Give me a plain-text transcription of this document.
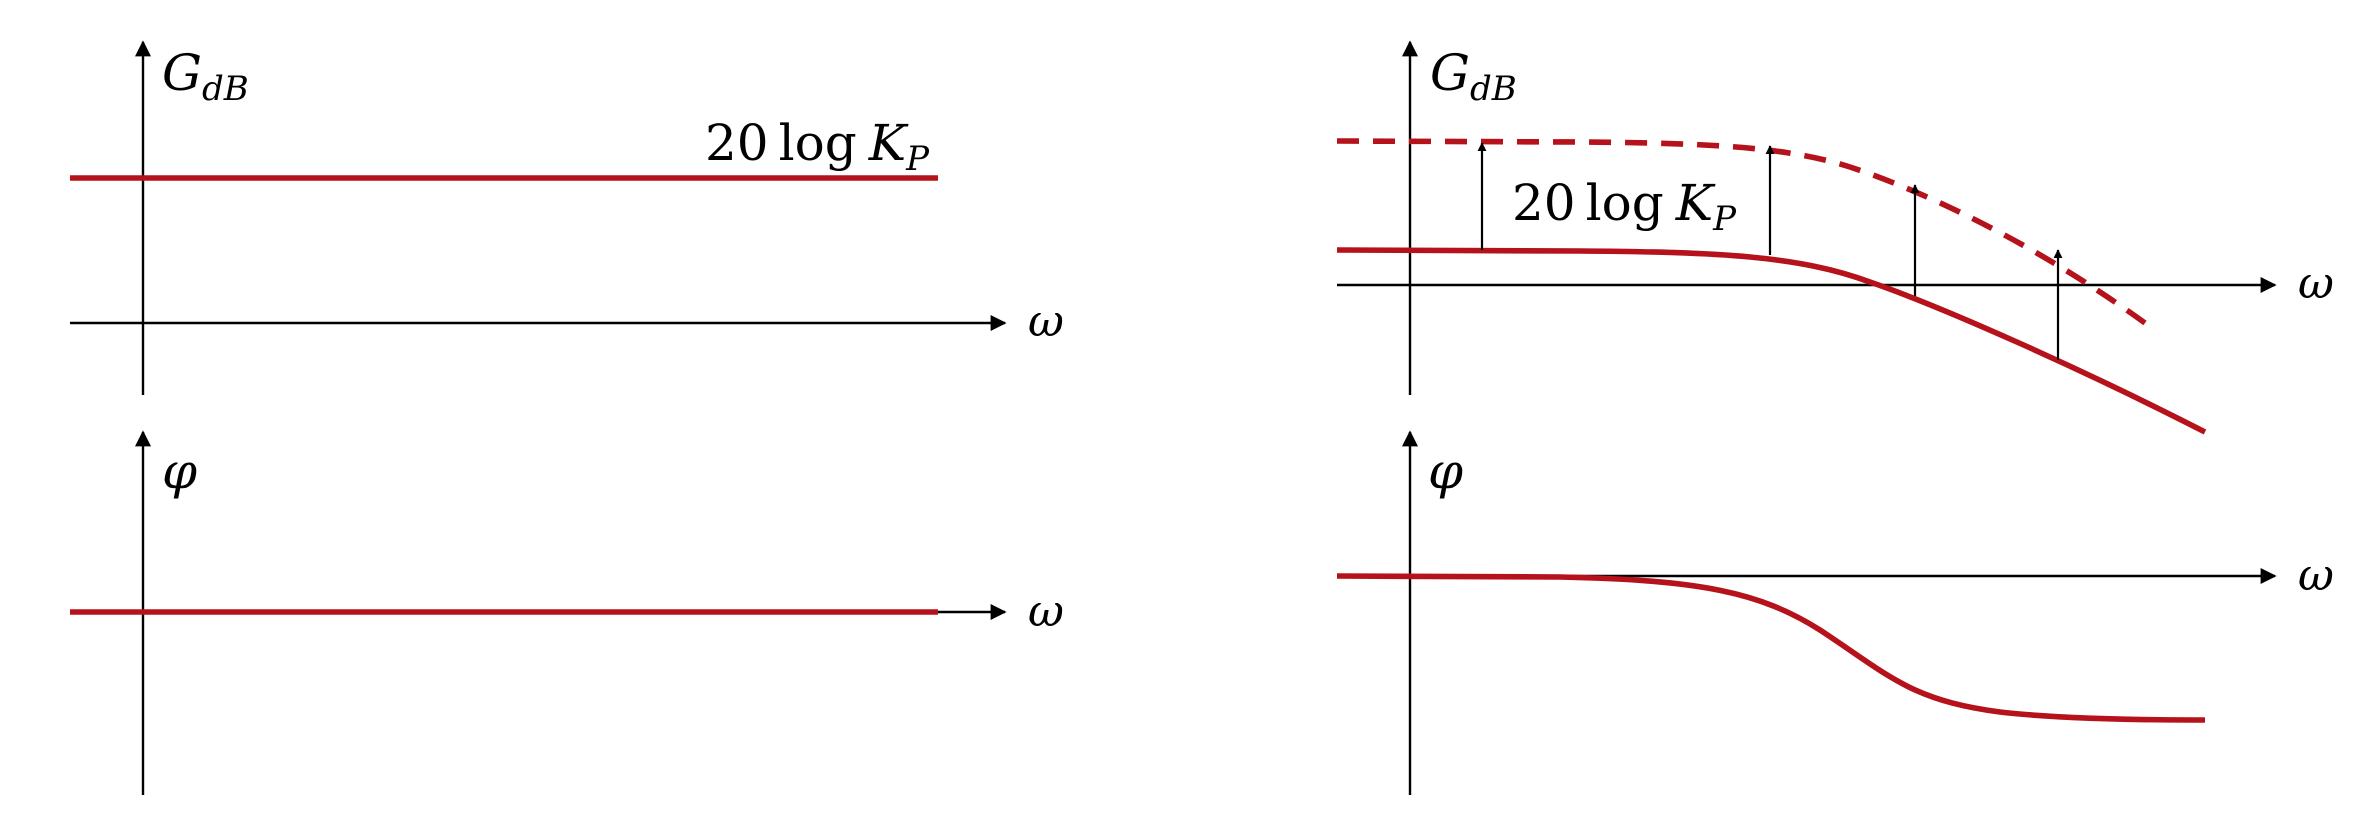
$G_{dB}$
ω
20 $\log K_P$
φ
ω
$G_{dB}$
ω
20 $\log K_P$
φ
ω
